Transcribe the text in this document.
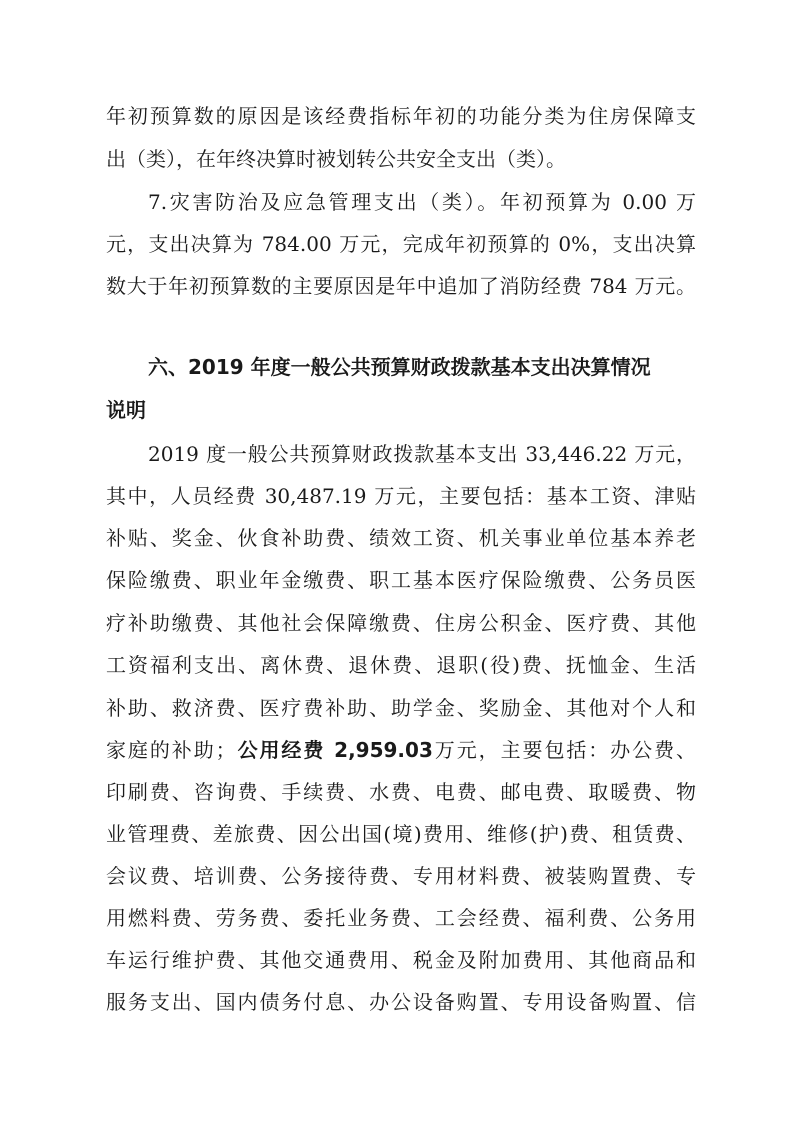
年初预算数的原因是该经费指标年初的功能分类为住房保障支
出（类），在年终决算时被划转公共安全支出（类）。
7.灾害防治及应急管理支出（类）。年初预算为 0.00 万
元，支出决算为 784.00 万元，完成年初预算的 0%，支出决算
数大于年初预算数的主要原因是年中追加了消防经费 784 万元。
六、2019 年度一般公共预算财政拨款基本支出决算情况
说明
2019 度一般公共预算财政拨款基本支出 33,446.22 万元，
其中，人员经费 30,487.19 万元，主要包括：基本工资、津贴
补贴、奖金、伙食补助费、绩效工资、机关事业单位基本养老
保险缴费、职业年金缴费、职工基本医疗保险缴费、公务员医
疗补助缴费、其他社会保障缴费、住房公积金、医疗费、其他
工资福利支出、离休费、退休费、退职(役)费、抚恤金、生活
补助、救济费、医疗费补助、助学金、奖励金、其他对个人和
家庭的补助；公用经费 2,959.03万元，主要包括：办公费、
印刷费、咨询费、手续费、水费、电费、邮电费、取暖费、物
业管理费、差旅费、因公出国(境)费用、维修(护)费、租赁费、
会议费、培训费、公务接待费、专用材料费、被装购置费、专
用燃料费、劳务费、委托业务费、工会经费、福利费、公务用
车运行维护费、其他交通费用、税金及附加费用、其他商品和
服务支出、国内债务付息、办公设备购置、专用设备购置、信
